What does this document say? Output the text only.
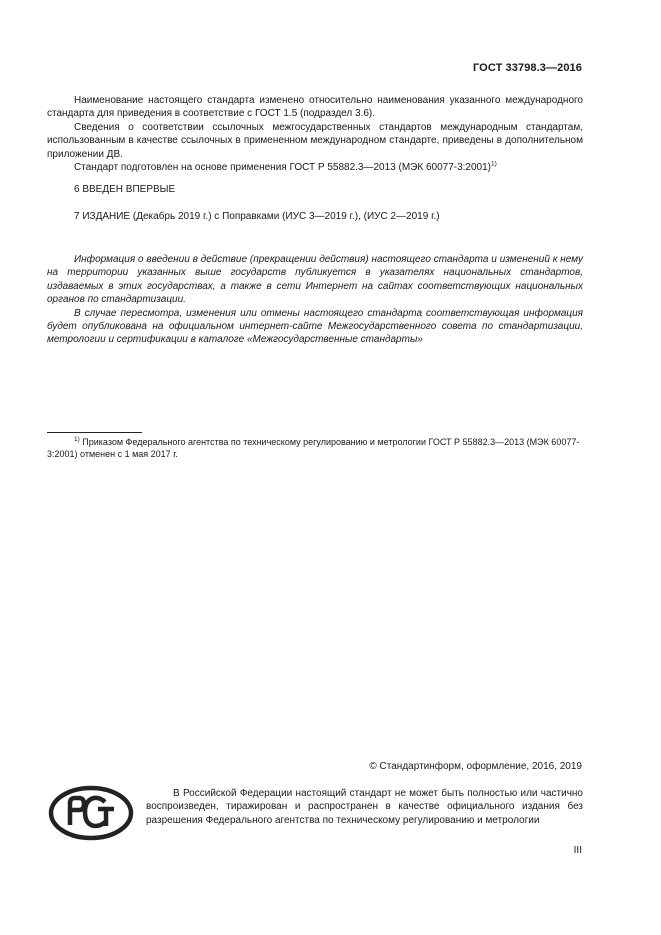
ГОСТ 33798.3—2016

Наименование настоящего стандарта изменено относительно наименования указанного международного стандарта для приведения в соответствие с ГОСТ 1.5 (подраздел 3.6).

Сведения о соответствии ссылочных межгосударственных стандартов международным стандартам, использованным в качестве ссылочных в примененном международном стандарте, приведены в дополнительном приложении ДВ.

Стандарт подготовлен на основе применения ГОСТ Р 55882.3—2013 (МЭК 60077-3:2001)$^{1)}$

6 ВВЕДЕН ВПЕРВЫЕ
7 ИЗДАНИЕ (Декабрь 2019 г.) с Поправками (ИУС 3—2019 г.), (ИУС 2—2019 г.)

Информация о введении в действие (прекращении действия) настоящего стандарта и изменений к нему на территории указанных выше государств публикуется в указателях национальных стандартов, издаваемых в этих государствах, а также в сети Интернет на сайтах соответствующих национальных органов по стандартизации.

В случае пересмотра, изменения или отмены настоящего стандарта соответствующая информация будет опубликована на официальном интернет-сайте Межгосударственного совета по стандартизации, метрологии и сертификации в каталоге «Межгосударственные стандарты»

$^{1)}$ Приказом Федерального агентства по техническому регулированию и метрологии ГОСТ Р 55882.3—2013 (МЭК 60077-3:2001) отменен с 1 мая 2017 г.

© Стандартинформ, оформление, 2016, 2019

В Российской Федерации настоящий стандарт не может быть полностью или частично воспроизведен, тиражирован и распространен в качестве официального издания без разрешения Федерального агентства по техническому регулированию и метрологии

III
